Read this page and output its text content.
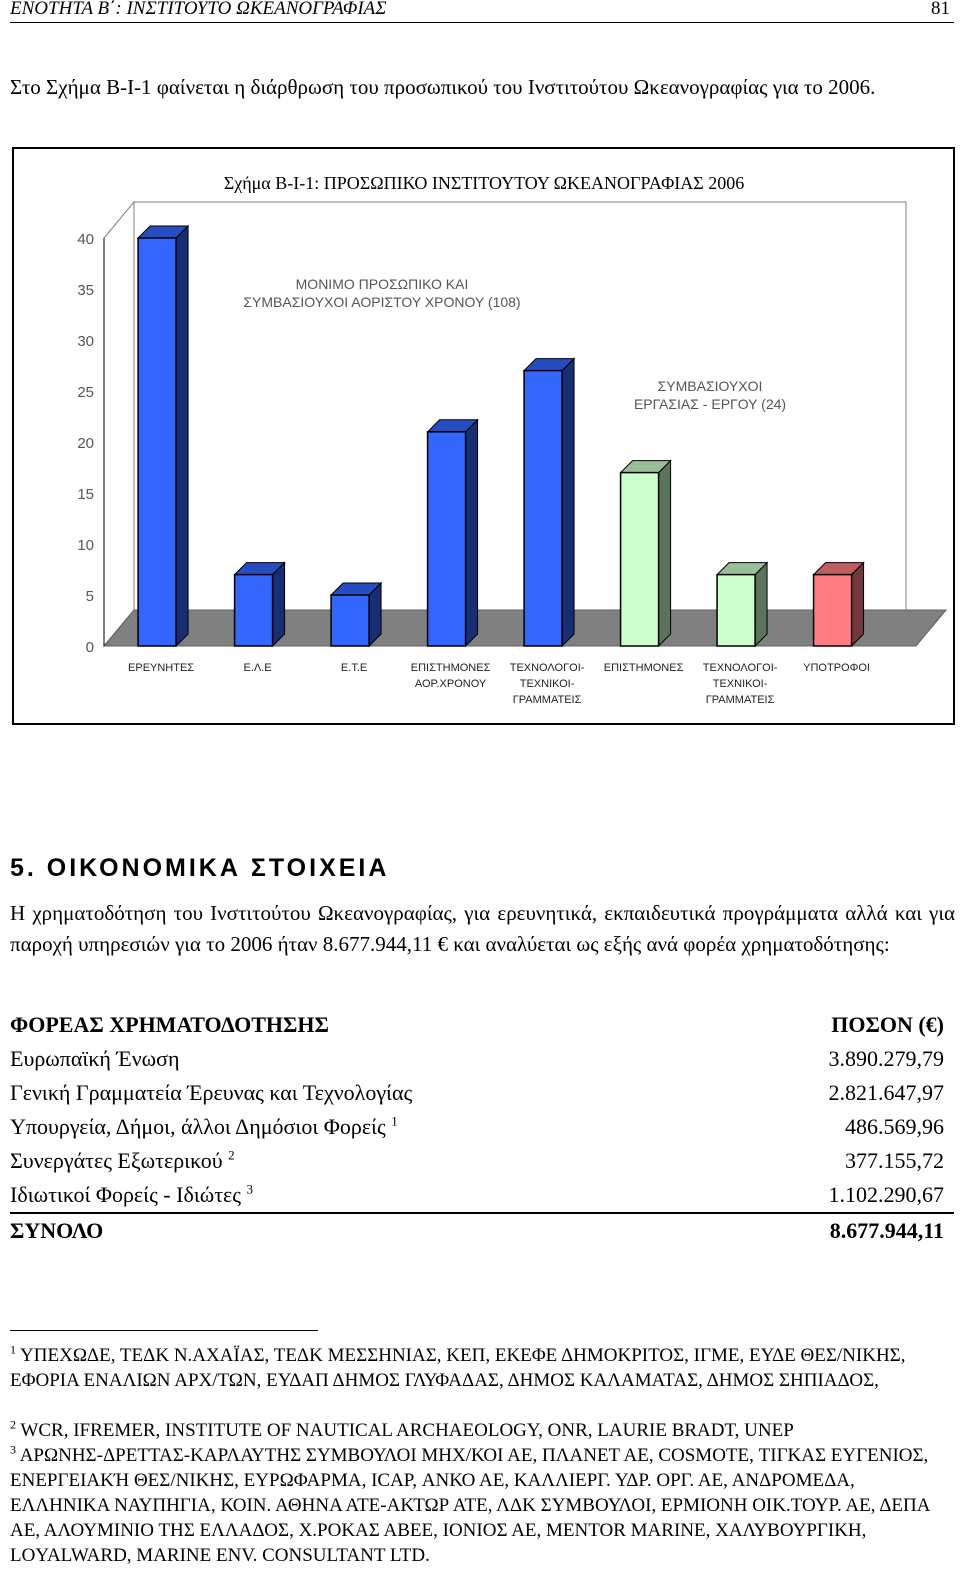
ΕΝΟΤΗΤΑ Β΄: ΙΝΣΤΙΤΟΥΤΟ ΩΚΕΑΝΟΓΡΑΦΙΑΣ	81
Στο Σχήμα Β-Ι-1 φαίνεται η διάρθρωση του προσωπικού του Ινστιτούτου Ωκεανογραφίας για το 2006.
Σχήμα Β-Ι-1: ΠΡΟΣΩΠΙΚΟ ΙΝΣΤΙΤΟΥΤΟΥ ΩΚΕΑΝΟΓΡΑΦΙΑΣ 2006
0
5
10
15
20
25
30
35
40
ΕΡΕΥΝΗΤΕΣ	Ε.Λ.Ε	Ε.Τ.Ε	ΕΠΙΣΤΗΜΟΝΕΣ
ΑΟΡ.ΧΡΟΝΟΥ
ΤΕΧΝΟΛΟΓΟΙ-
ΤΕΧΝΙΚΟΙ-
ΓΡΑΜΜΑΤΕΙΣ
ΕΠΙΣΤΗΜΟΝΕΣ ΤΕΧΝΟΛΟΓΟΙ-
ΤΕΧΝΙΚΟΙ-
ΓΡΑΜΜΑΤΕΙΣ
ΥΠΟΤΡΟΦΟΙ
ΜΟΝΙΜΟ ΠΡΟΣΩΠΙΚΟ ΚΑΙ
ΣΥΜΒΑΣΙΟΥΧΟΙ ΑΟΡΙΣΤΟΥ ΧΡΟΝΟΥ (108)
ΣΥΜΒΑΣΙΟΥΧΟΙ
ΕΡΓΑΣΙΑΣ - ΕΡΓΟΥ (24)
5. ΟΙΚΟΝΟΜΙΚΑ ΣΤΟΙΧΕΙΑ
Η χρηματοδότηση του Ινστιτούτου Ωκεανογραφίας, για ερευνητικά, εκπαιδευτικά προγράμματα αλλά και για παροχή υπηρεσιών για το 2006 ήταν 8.677.944,11 € και αναλύεται ως εξής ανά φορέα χρηματοδότησης:
ΦΟΡΕΑΣ ΧΡΗΜΑΤΟΔΟΤΗΣΗΣ	ΠΟΣΟΝ (€)
Ευρωπαϊκή Ένωση	3.890.279,79
Γενική Γραμματεία Έρευνας και Τεχνολογίας	2.821.647,97
Υπουργεία, Δήμοι, άλλοι Δημόσιοι Φορείς $^1$	486.569,96
Συνεργάτες Εξωτερικού $^2$	377.155,72
Ιδιωτικοί Φορείς - Ιδιώτες $^3$	1.102.290,67
ΣΥΝΟΛΟ	8.677.944,11
$^1$ ΥΠΕΧΩΔΕ, ΤΕΔΚ Ν.ΑΧΑΪΑΣ, ΤΕΔΚ ΜΕΣΣΗΝΙΑΣ, ΚΕΠ, ΕΚΕΦΕ ΔΗΜΟΚΡΙΤΟΣ, ΙΓΜΕ, ΕΥΔΕ ΘΕΣ/ΝΙΚΗΣ, ΕΦΟΡΙΑ ΕΝΑΛΙΩΝ ΑΡΧ/ΤΩΝ, ΕΥΔΑΠ ΔΗΜΟΣ ΓΛΥΦΑΔΑΣ, ΔΗΜΟΣ ΚΑΛΑΜΑΤΑΣ, ΔΗΜΟΣ ΣΗΠΙΑΔΟΣ,
$^2$ WCR, IFREMER, INSTITUTE OF NAUTICAL ARCHAEOLOGY, ONR, LAURIE BRADT, UNEP
$^3$ ΑΡΩΝΗΣ-ΔΡΕΤΤΑΣ-ΚΑΡΛΑΥΤΗΣ ΣΥΜΒΟΥΛΟΙ ΜΗΧ/ΚΟΙ ΑΕ, ΠΛΑΝΕΤ ΑΕ, COSMOTE, ΤΙΓΚΑΣ ΕΥΓΕΝΙΟΣ, ΕΝΕΡΓΕΙΑΚΉ ΘΕΣ/ΝΙΚΗΣ, ΕΥΡΩΦΑΡΜΑ, ICAP, ΑΝΚΟ ΑΕ, ΚΑΛΛΙΕΡΓ. ΥΔΡ. ΟΡΓ. ΑΕ, ΑΝΔΡΟΜΕΔΑ, ΕΛΛΗΝΙΚΑ ΝΑΥΠΗΓΙΑ, ΚΟΙΝ. ΑΘΗΝΑ ΑΤΕ-ΑΚΤΩΡ ΑΤΕ, ΛΔΚ ΣΥΜΒΟΥΛΟΙ, ΕΡΜΙΟΝΗ ΟΙΚ.ΤΟΥΡ. ΑΕ, ΔΕΠΑ ΑΕ, ΑΛΟΥΜΙΝΙΟ ΤΗΣ ΕΛΛΑΔΟΣ, Χ.ΡΟΚΑΣ ΑΒΕΕ, ΙΟΝΙΟΣ ΑΕ, MENTOR MARINE, ΧΑΛΥΒΟΥΡΓΙΚΗ, LOYALWARD, MARINE ENV. CONSULTANT LTD.
